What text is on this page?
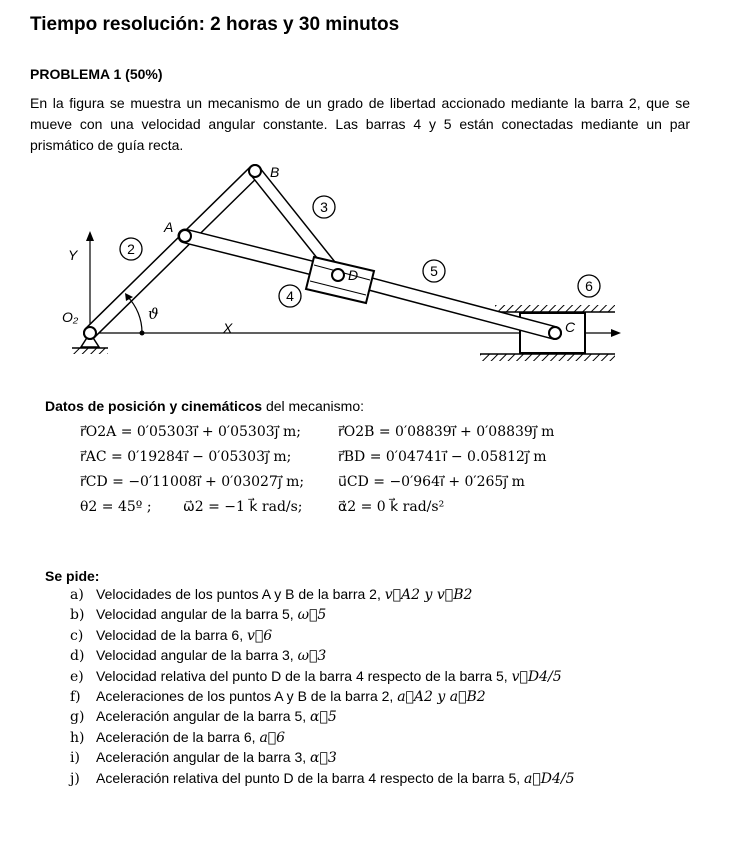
Tiempo resolución: 2 horas y 30 minutos
PROBLEMA 1 (50%)
En la figura se muestra un mecanismo de un grado de libertad accionado mediante la barra 2, que se mueve con una velocidad angular constante. Las barras 4 y 5 están conectadas mediante un par prismático de guía recta.
B
A
D
C
Y
X
O₂	ϑ
2
3
4
5
6
Datos de posición y cinemáticos del mecanismo:
r⃗O2A = 0′05303ı⃗ + 0′05303ȷ⃗ m;	r⃗O2B = 0′08839ı⃗ + 0′08839ȷ⃗ m
r⃗AC = 0′19284ı⃗ − 0′05303ȷ⃗ m;	r⃗BD = 0′04741ı⃗ − 0.05812ȷ⃗ m
r⃗CD = −0′11008ı⃗ + 0′03027ȷ⃗ m; u⃗CD = −0′964ı⃗ + 0′265ȷ⃗ m
θ2 = 45º ; ω⃗2 = −1 k⃗ rad/s;	α⃗2 = 0 k⃗ rad/s²
Se pide:
a) Velocidades de los puntos A y B de la barra 2, v⃗A2 y v⃗B2
b) Velocidad angular de la barra 5, ω⃗5
c) Velocidad de la barra 6, v⃗6
d) Velocidad angular de la barra 3, ω⃗3
e) Velocidad relativa del punto D de la barra 4 respecto de la barra 5, v⃗D4/5
f) Aceleraciones de los puntos A y B de la barra 2, a⃗A2 y a⃗B2
g) Aceleración angular de la barra 5, α⃗5
h) Aceleración de la barra 6, a⃗6
i) Aceleración angular de la barra 3, α⃗3
j) Aceleración relativa del punto D de la barra 4 respecto de la barra 5, a⃗D4/5
